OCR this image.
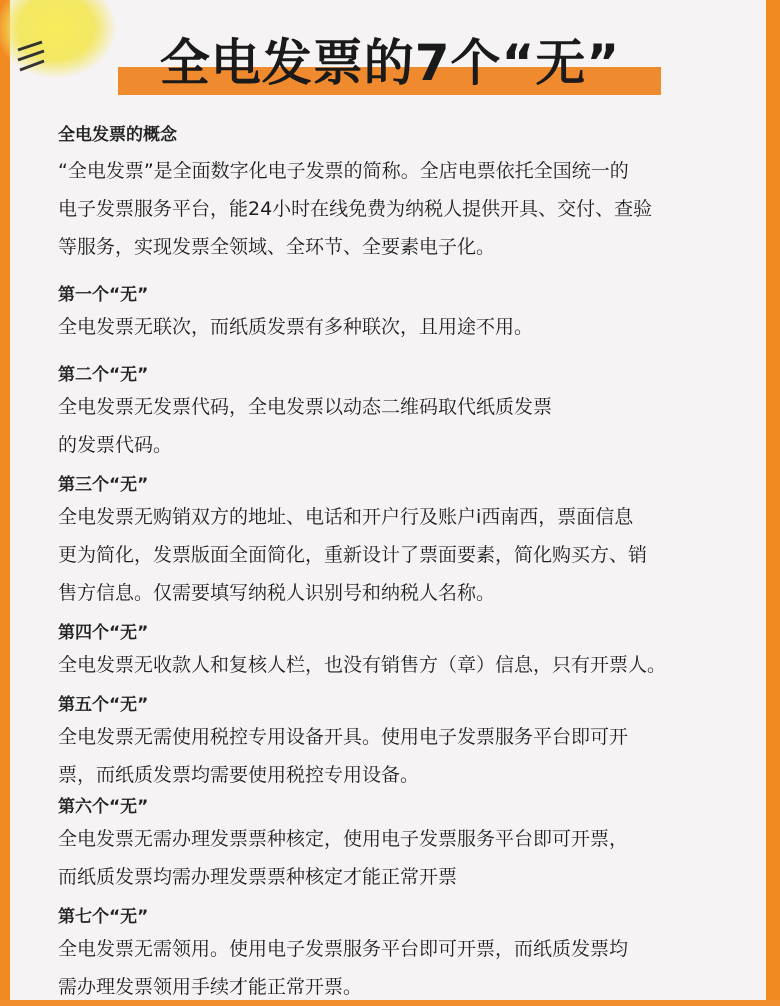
全电发票的7个“无”

全电发票的概念

“全电发票”是全面数字化电子发票的简称。全店电票依托全国统一的

电子发票服务平台，能24小时在线免费为纳税人提供开具、交付、查验

等服务，实现发票全领域、全环节、全要素电子化。

第一个“无”

全电发票无联次，而纸质发票有多种联次，且用途不用。

第二个“无”

全电发票无发票代码，全电发票以动态二维码取代纸质发票

的发票代码。

第三个“无”

全电发票无购销双方的地址、电话和开户行及账户i西南西，票面信息

更为简化，发票版面全面简化，重新设计了票面要素，简化购买方、销

售方信息。仅需要填写纳税人识别号和纳税人名称。

第四个“无”

全电发票无收款人和复核人栏，也没有销售方（章）信息，只有开票人。

第五个“无”

全电发票无需使用税控专用设备开具。使用电子发票服务平台即可开

票，而纸质发票均需要使用税控专用设备。

第六个“无”

全电发票无需办理发票票种核定，使用电子发票服务平台即可开票，

而纸质发票均需办理发票票种核定才能正常开票

第七个“无”

全电发票无需领用。使用电子发票服务平台即可开票，而纸质发票均

需办理发票领用手续才能正常开票。
